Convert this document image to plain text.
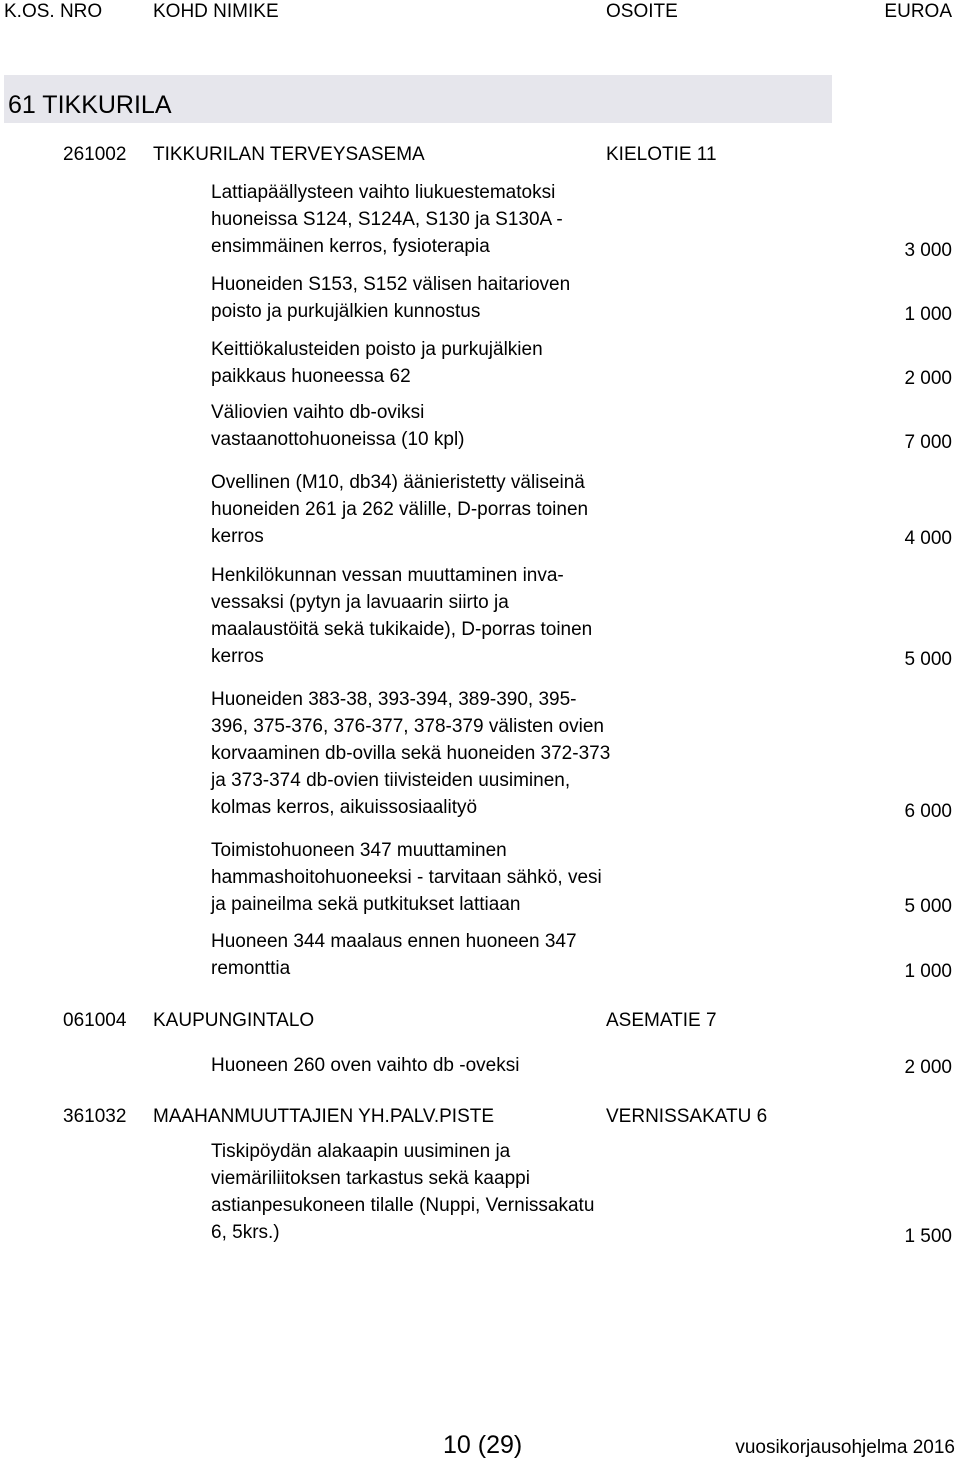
K.OS. NRO	KOHD NIMIKE	OSOITE	EUROA
61 TIKKURILA
261002 TIKKURILAN TERVEYSASEMA	KIELOTIE 11
Lattiapäällysteen vaihto liukuestematoksi
huoneissa S124, S124A, S130 ja S130A -
ensimmäinen kerros, fysioterapia	3 000
Huoneiden S153, S152 välisen haitarioven
poisto ja purkujälkien kunnostus	1 000
Keittiökalusteiden poisto ja purkujälkien
paikkaus huoneessa 62	2 000
Väliovien vaihto db-oviksi
vastaanottohuoneissa (10 kpl)	7 000
Ovellinen (M10, db34) äänieristetty väliseinä
huoneiden 261 ja 262 välille, D-porras toinen
kerros	4 000
Henkilökunnan vessan muuttaminen inva-
vessaksi (pytyn ja lavuaarin siirto ja
maalaustöitä sekä tukikaide), D-porras toinen
kerros	5 000
Huoneiden 383-38, 393-394, 389-390, 395-
396, 375-376, 376-377, 378-379 välisten ovien
korvaaminen db-ovilla sekä huoneiden 372-373
ja 373-374 db-ovien tiivisteiden uusiminen,
kolmas kerros, aikuissosiaalityö	6 000
Toimistohuoneen 347 muuttaminen
hammashoitohuoneeksi - tarvitaan sähkö, vesi
ja paineilma sekä putkitukset lattiaan	5 000
Huoneen 344 maalaus ennen huoneen 347
remonttia	1 000
061004 KAUPUNGINTALO	ASEMATIE 7
Huoneen 260 oven vaihto db -oveksi	2 000
361032 MAAHANMUUTTAJIEN YH.PALV.PISTE	VERNISSAKATU 6
Tiskipöydän alakaapin uusiminen ja
viemäriliitoksen tarkastus sekä kaappi
astianpesukoneen tilalle (Nuppi, Vernissakatu
6, 5krs.)	1 500
10 (29)	vuosikorjausohjelma 2016
